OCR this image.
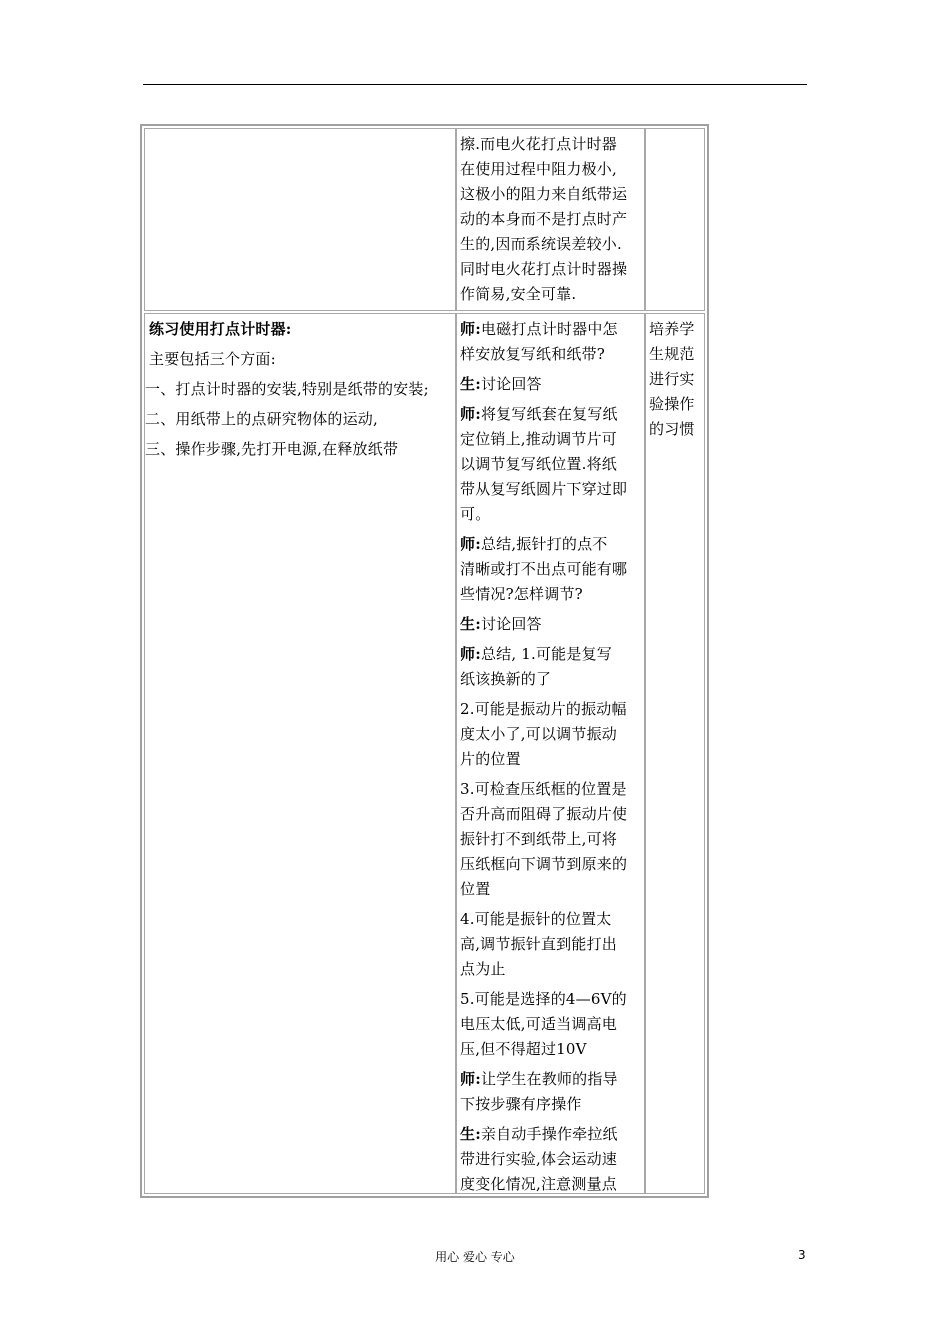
擦.而电火花打点计时器
在使用过程中阻力极小,
这极小的阻力来自纸带运
动的本身而不是打点时产
生的,因而系统误差较小.
同时电火花打点计时器操
作简易,安全可靠.
练习使用打点计时器:
主要包括三个方面:
一、打点计时器的安装,特别是纸带的安装;
二、用纸带上的点研究物体的运动,
三、操作步骤,先打开电源,在释放纸带
师:电磁打点计时器中怎
样安放复写纸和纸带?
生:讨论回答
师:将复写纸套在复写纸
定位销上,推动调节片可
以调节复写纸位置.将纸
带从复写纸圆片下穿过即
可。
师:总结,振针打的点不
清晰或打不出点可能有哪
些情况?怎样调节?
生:讨论回答
师:总结, 1.可能是复写
纸该换新的了
2.可能是振动片的振动幅
度太小了,可以调节振动
片的位置
3.可检查压纸框的位置是
否升高而阻碍了振动片使
振针打不到纸带上,可将
压纸框向下调节到原来的
位置
4.可能是振针的位置太
高,调节振针直到能打出
点为止
5.可能是选择的4—6V的
电压太低,可适当调高电
压,但不得超过10V
师:让学生在教师的指导
下按步骤有序操作
生:亲自动手操作牵拉纸
带进行实验,体会运动速
度变化情况,注意测量点
培养学
生规范
进行实
验操作
的习惯
用心 爱心 专心	3
